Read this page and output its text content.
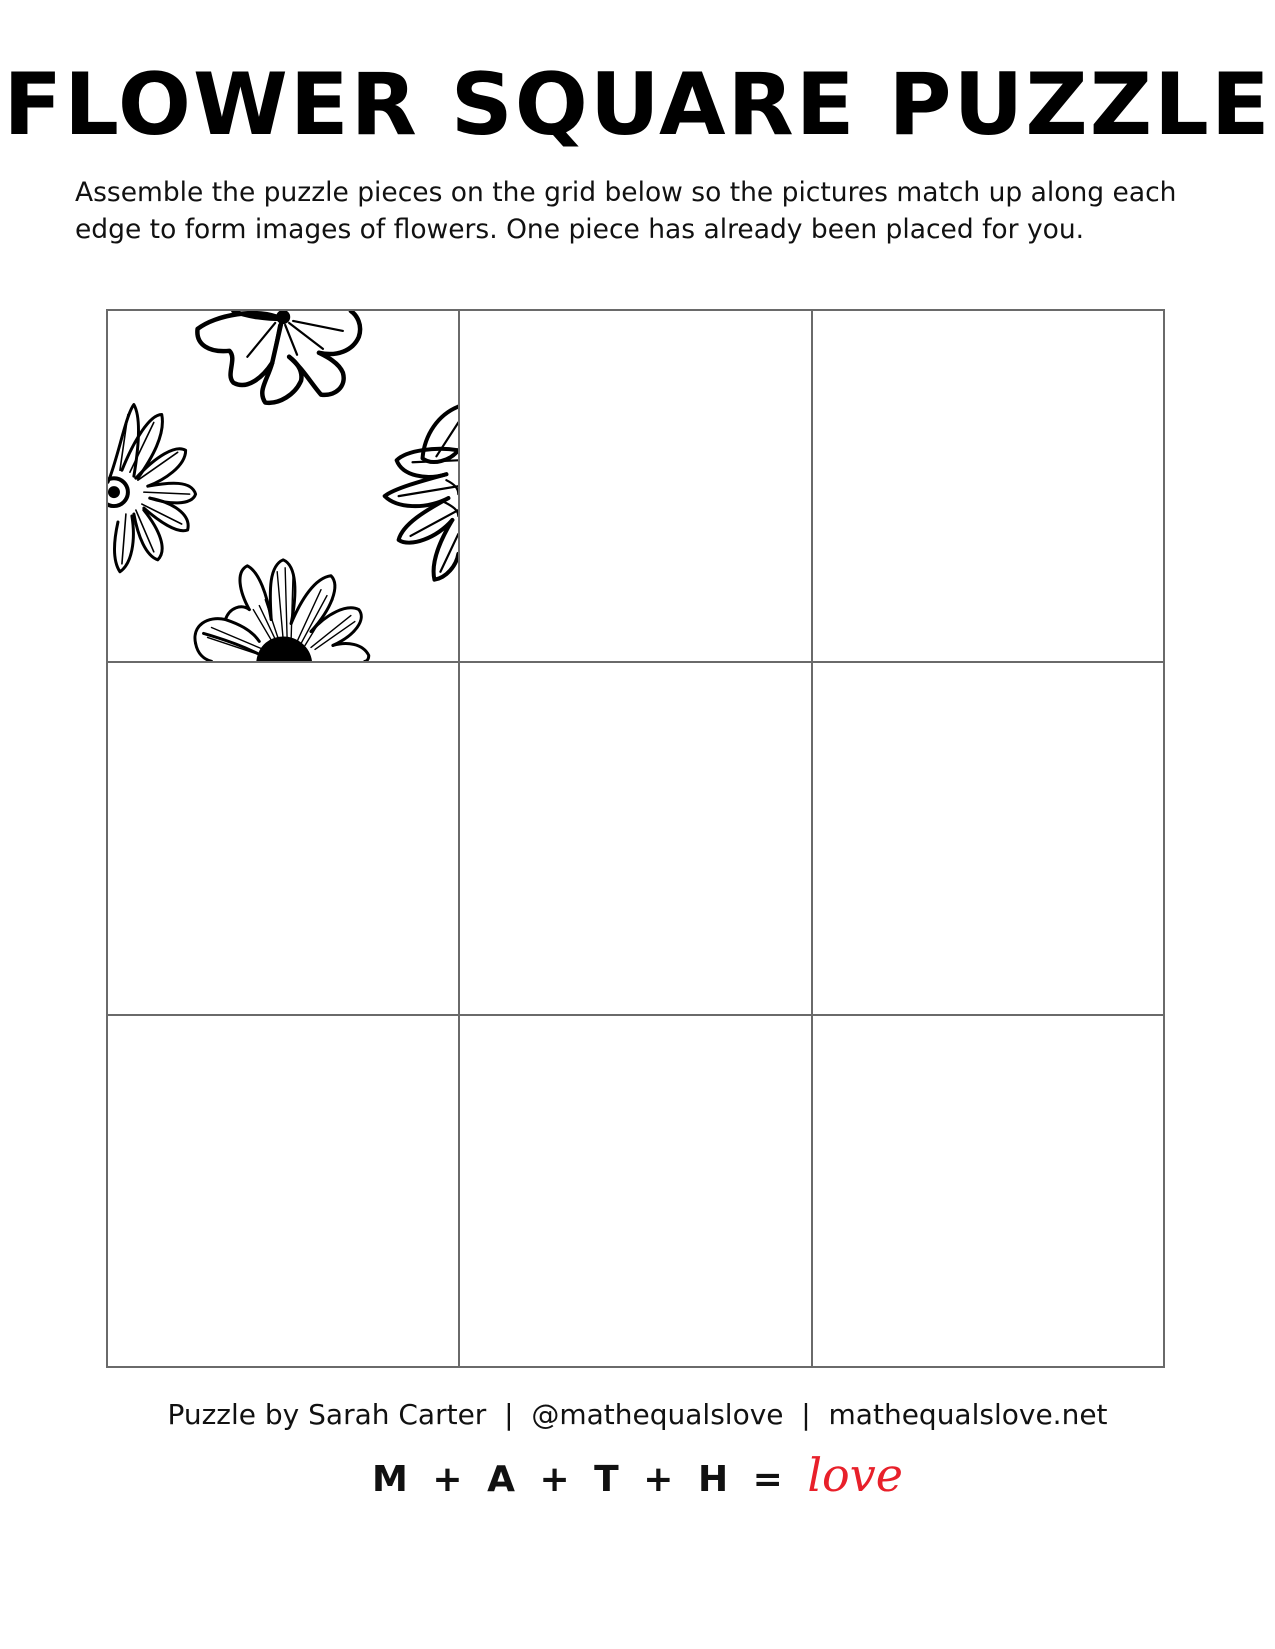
FLOWER SQUARE PUZZLE
Assemble the puzzle pieces on the grid below so the pictures match up along each edge to form images of flowers. One piece has already been placed for you.
Puzzle by Sarah Carter  |  @mathequalslove  |  mathequalslove.net
M + A + T + H = love
